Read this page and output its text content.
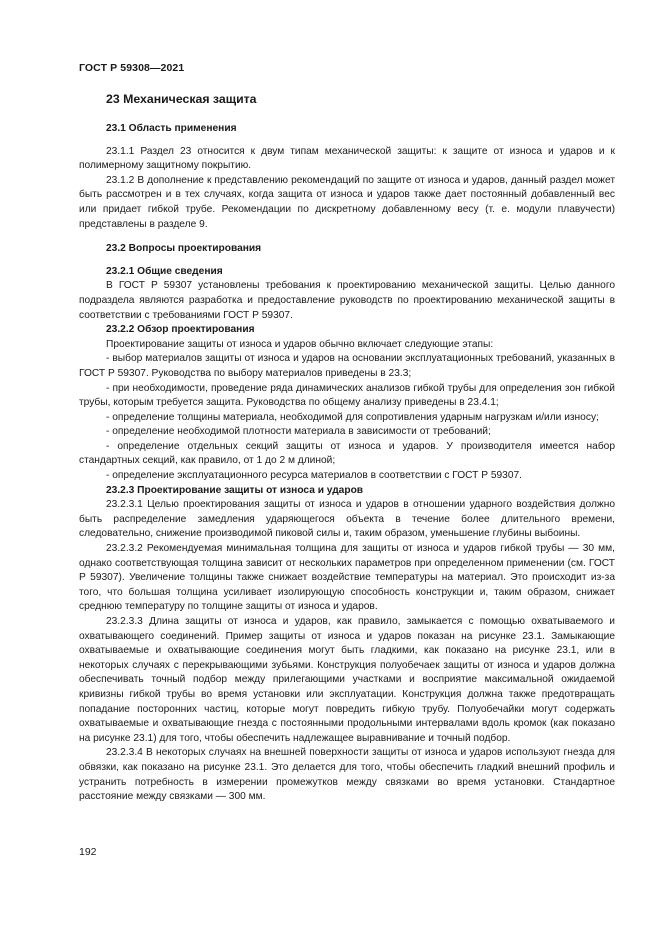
ГОСТ Р 59308—2021
23 Механическая защита
23.1 Область применения

23.1.1 Раздел 23 относится к двум типам механической защиты: к защите от износа и ударов и к полимерному защитному покрытию.

23.1.2 В дополнение к представлению рекомендаций по защите от износа и ударов, данный раздел может быть рассмотрен и в тех случаях, когда защита от износа и ударов также дает постоянный добавленный вес или придает гибкой трубе. Рекомендации по дискретному добавленному весу (т. е. модули плавучести) представлены в разделе 9.

23.2 Вопросы проектирования
23.2.1 Общие сведения

В ГОСТ Р 59307 установлены требования к проектированию механической защиты. Целью данного подраздела являются разработка и предоставление руководств по проектированию механической защиты в соответствии с требованиями ГОСТ Р 59307.

23.2.2 Обзор проектирования

Проектирование защиты от износа и ударов обычно включает следующие этапы:

- выбор материалов защиты от износа и ударов на основании эксплуатационных требований, указанных в ГОСТ Р 59307. Руководства по выбору материалов приведены в 23.3;

- при необходимости, проведение ряда динамических анализов гибкой трубы для определения зон гибкой трубы, которым требуется защита. Руководства по общему анализу приведены в 23.4.1;

- определение толщины материала, необходимой для сопротивления ударным нагрузкам и/или износу;

- определение необходимой плотности материала в зависимости от требований;

- определение отдельных секций защиты от износа и ударов. У производителя имеется набор стандартных секций, как правило, от 1 до 2 м длиной;

- определение эксплуатационного ресурса материалов в соответствии с ГОСТ Р 59307.

23.2.3 Проектирование защиты от износа и ударов

23.2.3.1 Целью проектирования защиты от износа и ударов в отношении ударного воздействия должно быть распределение замедления ударяющегося объекта в течение более длительного времени, следовательно, снижение производимой пиковой силы и, таким образом, уменьшение глубины выбоины.

23.2.3.2 Рекомендуемая минимальная толщина для защиты от износа и ударов гибкой трубы — 30 мм, однако соответствующая толщина зависит от нескольких параметров при определенном применении (см. ГОСТ Р 59307). Увеличение толщины также снижает воздействие температуры на материал. Это происходит из-за того, что большая толщина усиливает изолирующую способность конструкции и, таким образом, снижает среднюю температуру по толщине защиты от износа и ударов.

23.2.3.3 Длина защиты от износа и ударов, как правило, замыкается с помощью охватываемого и охватывающего соединений. Пример защиты от износа и ударов показан на рисунке 23.1. Замыкающие охватываемые и охватывающие соединения могут быть гладкими, как показано на рисунке 23.1, или в некоторых случаях с перекрывающими зубьями. Конструкция полуобечаек защиты от износа и ударов должна обеспечивать точный подбор между прилегающими участками и восприятие максимальной ожидаемой кривизны гибкой трубы во время установки или эксплуатации. Конструкция должна также предотвращать попадание посторонних частиц, которые могут повредить гибкую трубу. Полуобечайки могут содержать охватываемые и охватывающие гнезда с постоянными продольными интервалами вдоль кромок (как показано на рисунке 23.1) для того, чтобы обеспечить надлежащее выравнивание и точный подбор.

23.2.3.4 В некоторых случаях на внешней поверхности защиты от износа и ударов используют гнезда для обвязки, как показано на рисунке 23.1. Это делается для того, чтобы обеспечить гладкий внешний профиль и устранить потребность в измерении промежутков между связками во время установки. Стандартное расстояние между связками — 300 мм.

192
